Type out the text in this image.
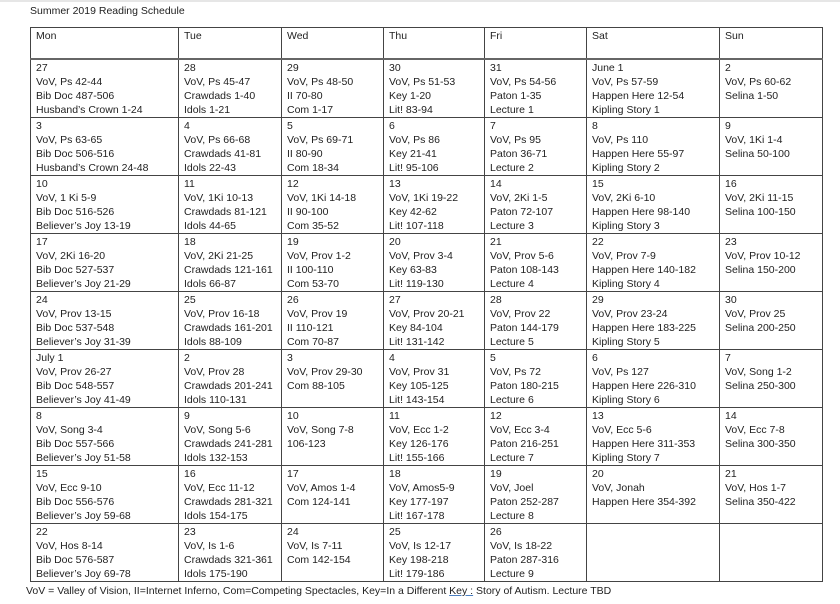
Summer 2019 Reading Schedule
Mon	Tue	Wed	Thu	Fri	Sat	Sun

27
VoV, Ps 42-44
Bib Doc 487-506
Husband’s Crown 1-24	28
VoV, Ps 45-47
Crawdads 1-40
Idols 1-21	29
VoV, Ps 48-50
II 70-80
Com 1-17	30
VoV, Ps 51-53
Key 1-20
Lit! 83-94	31
VoV, Ps 54-56
Paton 1-35
Lecture 1	June 1
VoV, Ps 57-59
Happen Here 12-54
Kipling Story 1	2
VoV, Ps 60-62
Selina 1-50

3
VoV, Ps 63-65
Bib Doc 506-516
Husband’s Crown 24-48	4
VoV, Ps 66-68
Crawdads 41-81
Idols 22-43	5
VoV, Ps 69-71
II 80-90
Com 18-34	6
VoV, Ps 86
Key 21-41
Lit! 95-106	7
VoV, Ps 95
Paton 36-71
Lecture 2	8
VoV, Ps 110
Happen Here 55-97
Kipling Story 2	9
VoV, 1Ki 1-4
Selina 50-100

10
VoV, 1 Ki 5-9
Bib Doc 516-526
Believer’s Joy 13-19	11
VoV, 1Ki 10-13
Crawdads 81-121
Idols 44-65	12
VoV, 1Ki 14-18
II 90-100
Com 35-52	13
VoV, 1Ki 19-22
Key 42-62
Lit! 107-118	14
VoV, 2Ki 1-5
Paton 72-107
Lecture 3	15
VoV, 2Ki 6-10
Happen Here 98-140
Kipling Story 3	16
VoV, 2Ki 11-15
Selina 100-150

17
VoV, 2Ki 16-20
Bib Doc 527-537
Believer’s Joy 21-29	18
VoV, 2Ki 21-25
Crawdads 121-161
Idols 66-87	19
VoV, Prov 1-2
II 100-110
Com 53-70	20
VoV, Prov 3-4
Key 63-83
Lit! 119-130	21
VoV, Prov 5-6
Paton 108-143
Lecture 4	22
VoV, Prov 7-9
Happen Here 140-182
Kipling Story 4	23
VoV, Prov 10-12
Selina 150-200

24
VoV, Prov 13-15
Bib Doc 537-548
Believer’s Joy 31-39	25
VoV, Prov 16-18
Crawdads 161-201
Idols 88-109	26
VoV, Prov 19
II 110-121
Com 70-87	27
VoV, Prov 20-21
Key 84-104
Lit! 131-142	28
VoV, Prov 22
Paton 144-179
Lecture 5	29
VoV, Prov 23-24
Happen Here 183-225
Kipling Story 5	30
VoV, Prov 25
Selina 200-250

July 1
VoV, Prov 26-27
Bib Doc 548-557
Believer’s Joy 41-49	2
VoV, Prov 28
Crawdads 201-241
Idols 110-131	3
VoV, Prov 29-30
Com 88-105	4
VoV, Prov 31
Key 105-125
Lit! 143-154	5
VoV, Ps 72
Paton 180-215
Lecture 6	6
VoV, Ps 127
Happen Here 226-310
Kipling Story 6	7
VoV, Song 1-2
Selina 250-300

8
VoV, Song 3-4
Bib Doc 557-566
Believer’s Joy 51-58	9
VoV, Song 5-6
Crawdads 241-281
Idols 132-153	10
VoV, Song 7-8
106-123	11
VoV, Ecc 1-2
Key 126-176
Lit! 155-166	12
VoV, Ecc 3-4
Paton 216-251
Lecture 7	13
VoV, Ecc 5-6
Happen Here 311-353
Kipling Story 7	14
VoV, Ecc 7-8
Selina 300-350

15
VoV, Ecc 9-10
Bib Doc 556-576
Believer’s Joy 59-68	16
VoV, Ecc 11-12
Crawdads 281-321
Idols 154-175	17
VoV, Amos 1-4
Com 124-141	18
VoV, Amos5-9
Key 177-197
Lit! 167-178	19
VoV, Joel
Paton 252-287
Lecture 8	20
VoV, Jonah
Happen Here 354-392	21
VoV, Hos 1-7
Selina 350-422

22
VoV, Hos 8-14
Bib Doc 576-587
Believer’s Joy 69-78	23
VoV, Is 1-6
Crawdads 321-361
Idols 175-190	24
VoV, Is 7-11
Com 142-154	25
VoV, Is 12-17
Key 198-218
Lit! 179-186	26
VoV, Is 18-22
Paton 287-316
Lecture 9		

VoV = Valley of Vision, II=Internet Inferno, Com=Competing Spectacles, Key=In a Different Key : Story of Autism. Lecture TBD
